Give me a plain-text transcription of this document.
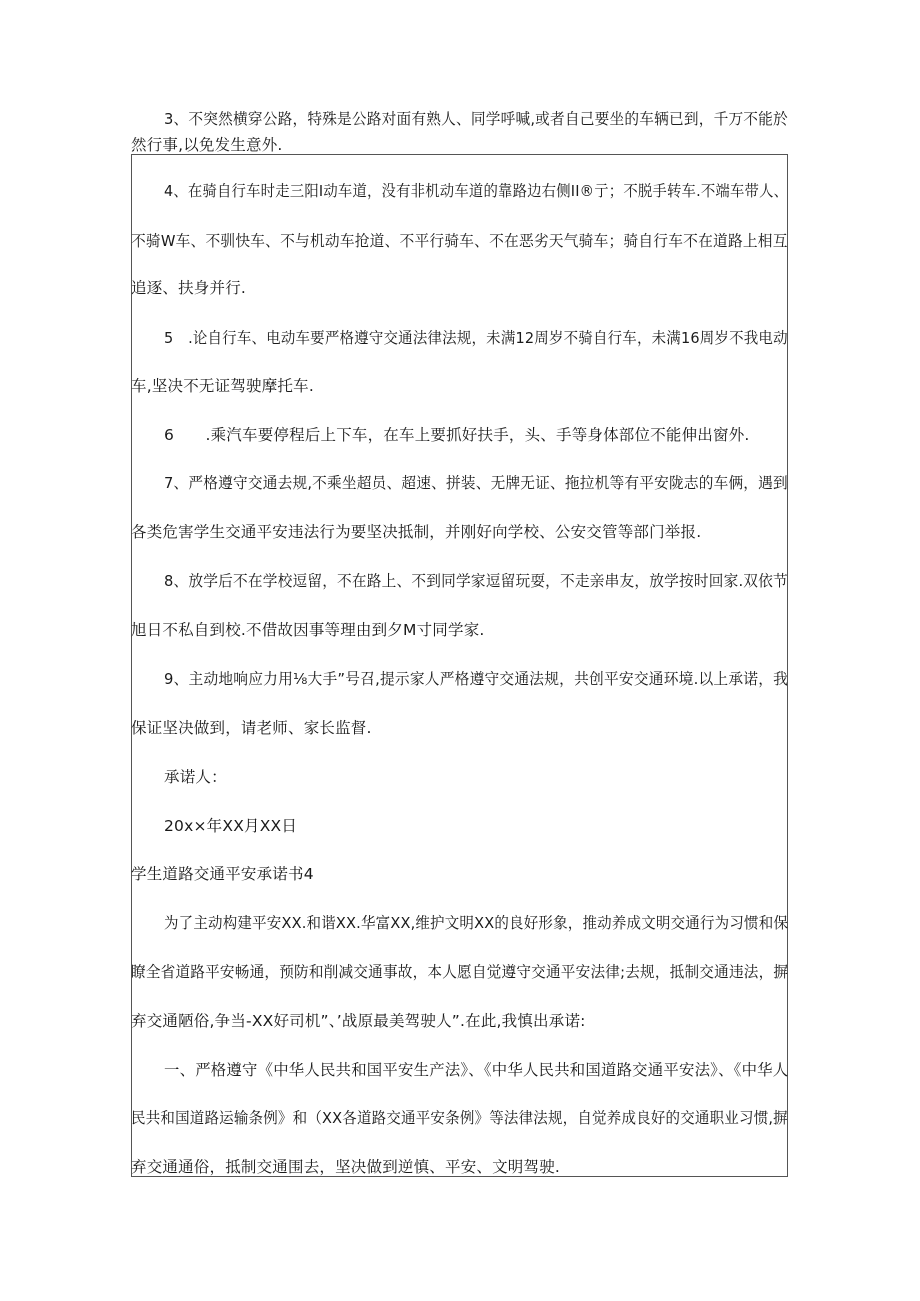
3、不突然横穿公路，特殊是公路对面有熟人、同学呼喊,或者自己要坐的车辆已到，千万不能於
然行事,以免发生意外.
4、在骑自行车时走三阳I动车道，没有非机动车道的靠路边右侧II®亍；不脱手转车.不端车带人、
不骑W车、不驯快车、不与机动车抢道、不平行骑车、不在恶劣天气骑车；骑自行车不在道路上相互
追逐、扶身并行.
5　.论自行车、电动车要严格遵守交通法律法规，未满12周岁不骑自行车，未满16周岁不我电动
车,坚决不无证驾驶摩托车.
6　　.乘汽车要停程后上下车，在车上要抓好扶手，头、手等身体部位不能伸出窗外.
7、严格遵守交通去规,不乘坐超员、超速、拼装、无牌无证、拖拉机等有平安陇志的车俩，遇到
各类危害学生交通平安违法行为要坚决抵制，并刚好向学校、公安交管等部门举报.
8、放学后不在学校逗留，不在路上、不到同学家逗留玩耍，不走亲串友，放学按时回家.双依节
旭日不私自到校.不借故因事等理由到夕M寸同学家.
9、主动地响应力用⅛大手”号召,提示家人严格遵守交通法规，共创平安交通环境.以上承诺，我
保证坚决做到，请老师、家长监督.
承诺人：
20x×年XX月XX日
学生道路交通平安承诺书4
为了主动构建平安XX.和谐XX.华富XX,维护文明XX的良好形象，推动养成文明交通行为习惯和保
瞭全省道路平安畅通，预防和削减交通事故，本人愿自觉遵守交通平安法律;去规，抵制交通违法，摒
弃交通陋俗,争当-XX好司机”、’战原最美驾驶人”.在此,我慎出承诺:
一、严格遵守《中华人民共和国平安生产法》、《中华人民共和国道路交通平安法》、《中华人
民共和国道路运输条例》和（XX各道路交通平安条例》等法律法规，自觉养成良好的交通职业习惯,摒
弃交通通俗，抵制交通围去，坚决做到逆慎、平安、文明驾驶.
